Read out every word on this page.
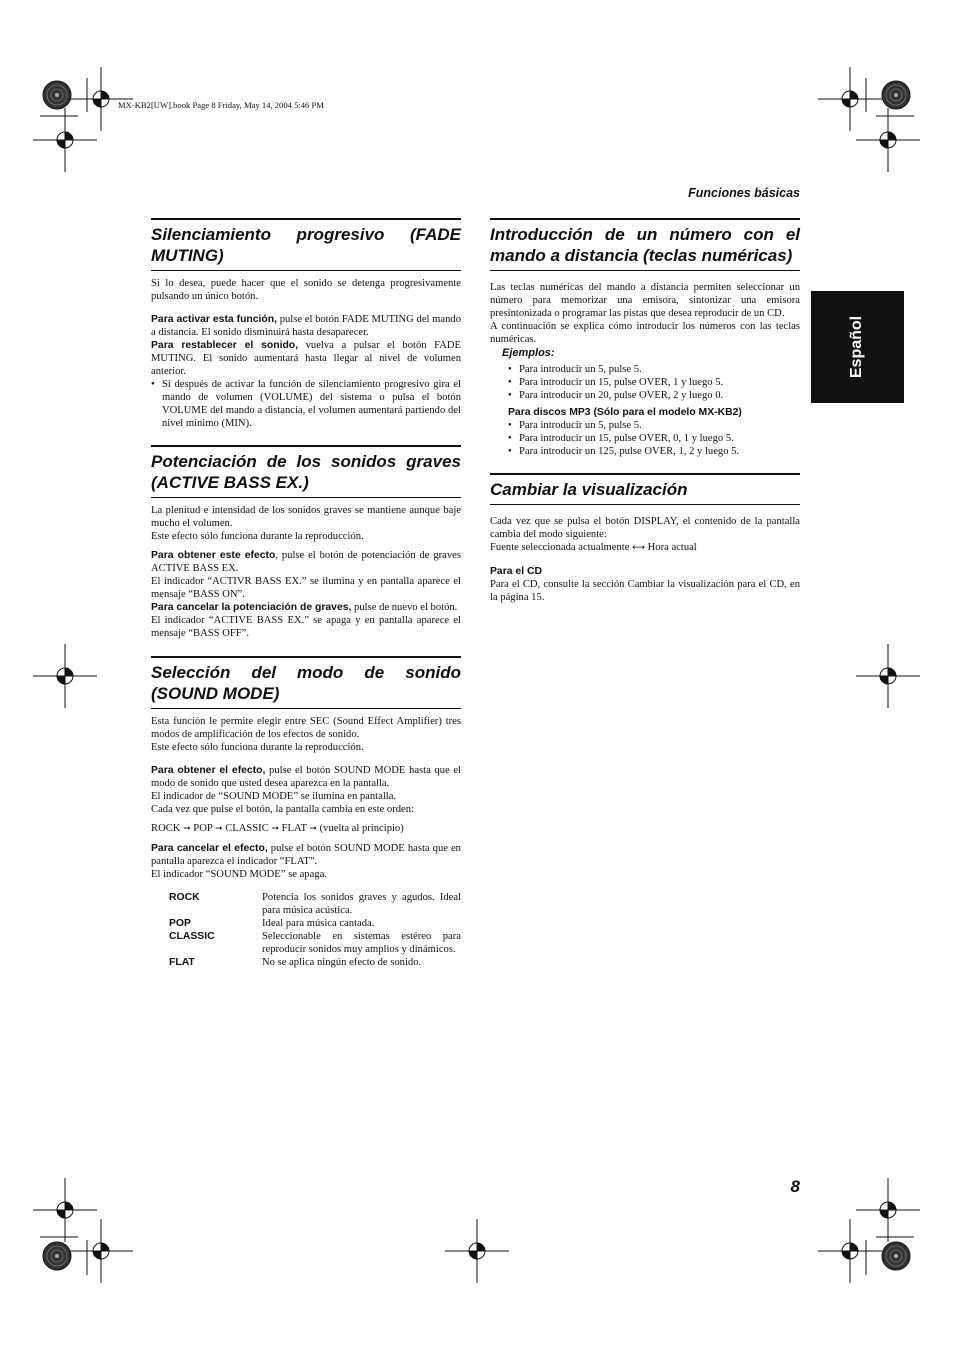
MX-KB2[UW].book Page 8 Friday, May 14, 2004 5:46 PM
Funciones básicas
Español
Silenciamiento progresivo (FADE MUTING)

Si lo desea, puede hacer que el sonido se detenga progresivamente pulsando un único botón.

Para activar esta función, pulse el botón FADE MUTING del mando a distancia. El sonido disminuirá hasta desaparecer.

Para restablecer el sonido, vuelva a pulsar el botón FADE MUTING. El sonido aumentará hasta llegar al nivel de volumen anterior.

• Si después de activar la función de silenciamiento progresivo gira el mando de volumen (VOLUME) del sistema o pulsa el botón VOLUME del mando a distancia, el volumen aumentará partiendo del nivel mínimo (MIN).

Potenciación de los sonidos graves (ACTIVE BASS EX.)

La plenitud e intensidad de los sonidos graves se mantiene aunque baje mucho el volumen.

Este efecto sólo funciona durante la reproducción.

Para obtener este efecto, pulse el botón de potenciación de graves ACTIVE BASS EX.

El indicador “ACTIVR BASS EX.” se ilumina y en pantalla aparece el mensaje “BASS ON”.

Para cancelar la potenciación de graves, pulse de nuevo el botón.

El indicador “ACTIVE BASS EX.” se apaga y en pantalla aparece el mensaje “BASS OFF”.

Selección del modo de sonido (SOUND MODE)

Esta función le permite elegir entre SEC (Sound Effect Amplifier) tres modos de amplificación de los efectos de sonido.

Este efecto sólo funciona durante la reproducción.

Para obtener el efecto, pulse el botón SOUND MODE hasta que el modo de sonido que usted desea aparezca en la pantalla.

El indicador de “SOUND MODE” se ilumina en pantalla.

Cada vez que pulse el botón, la pantalla cambia en este orden:

ROCK ➞ POP ➞ CLASSIC ➞ FLAT ➞ (vuelta al principio)

Para cancelar el efecto, pulse el botón SOUND MODE hasta que en pantalla aparezca el indicador “FLAT”.

El indicador “SOUND MODE” se apaga.

ROCK	Potencia los sonidos graves y agudos. Ideal para música acústica.
POP	Ideal para música cantada.
CLASSIC	Seleccionable en sistemas estéreo para reproducir sonidos muy amplios y dinámicos.
FLAT	No se aplica ningún efecto de sonido.
Introducción de un número con el mando a distancia (teclas numéricas)

Las teclas numéricas del mando a distancia permiten seleccionar un número para memorizar una emisora, sintonizar una emisora presintonizada o programar las pistas que desea reproducir de un CD.

A continuación se explica cómo introducir los números con las teclas numéricas.

Ejemplos:

• Para introducir un 5, pulse 5.

• Para introducir un 15, pulse OVER, 1 y luego 5.

• Para introducir un 20, pulse OVER, 2 y luego 0.

Para discos MP3 (Sólo para el modelo MX-KB2)

• Para introducir un 5, pulse 5.

• Para introducir un 15, pulse OVER, 0, 1 y luego 5.

• Para introducir un 125, pulse OVER, 1, 2 y luego 5.

Cambiar la visualización

Cada vez que se pulsa el botón DISPLAY, el contenido de la pantalla cambia del modo siguiente:

Fuente seleccionada actualmente ⟷ Hora actual

Para el CD

Para el CD, consulte la sección Cambiar la visualización para el CD, en la página 15.

8
